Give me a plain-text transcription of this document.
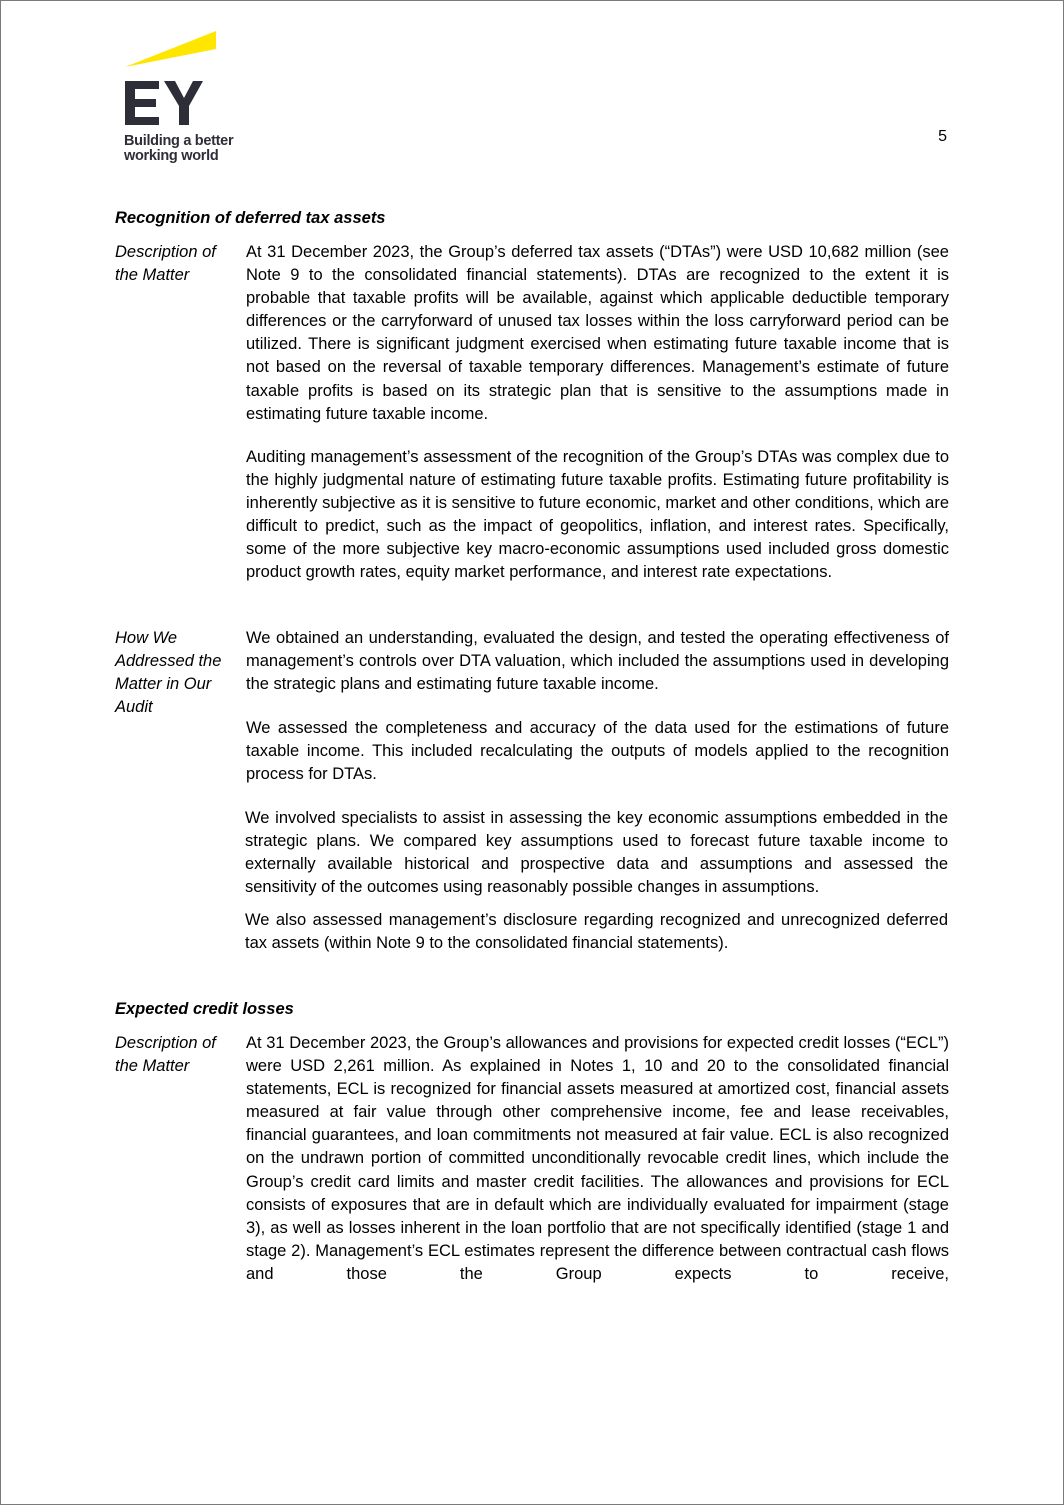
Building a better
working world
5
Recognition of deferred tax assets
Description of the Matter

At 31 December 2023, the Group’s deferred tax assets (“DTAs”) were USD 10,682 million (see Note 9 to the consolidated financial statements). DTAs are recognized to the extent it is probable that taxable profits will be available, against which applicable deductible temporary differences or the carryforward of unused tax losses within the loss carryforward period can be utilized. There is significant judgment exercised when estimating future taxable income that is not based on the reversal of taxable temporary differences. Management’s estimate of future taxable profits is based on its strategic plan that is sensitive to the assumptions made in estimating future taxable income.

Auditing management’s assessment of the recognition of the Group’s DTAs was complex due to the highly judgmental nature of estimating future taxable profits. Estimating future profitability is inherently subjective as it is sensitive to future economic, market and other conditions, which are difficult to predict, such as the impact of geopolitics, inflation, and interest rates. Specifically, some of the more subjective key macro-economic assumptions used included gross domestic product growth rates, equity market performance, and interest rate expectations.

How We Addressed the Matter in Our Audit

We obtained an understanding, evaluated the design, and tested the operating effectiveness of management’s controls over DTA valuation, which included the assumptions used in developing the strategic plans and estimating future taxable income.

We assessed the completeness and accuracy of the data used for the estimations of future taxable income. This included recalculating the outputs of models applied to the recognition process for DTAs.

We involved specialists to assist in assessing the key economic assumptions embedded in the strategic plans. We compared key assumptions used to forecast future taxable income to externally available historical and prospective data and assumptions and assessed the sensitivity of the outcomes using reasonably possible changes in assumptions.

We also assessed management’s disclosure regarding recognized and unrecognized deferred tax assets (within Note 9 to the consolidated financial statements).

Expected credit losses
Description of the Matter

At 31 December 2023, the Group’s allowances and provisions for expected credit losses (“ECL”) were USD 2,261 million. As explained in Notes 1, 10 and 20 to the consolidated financial statements, ECL is recognized for financial assets measured at amortized cost, financial assets measured at fair value through other comprehensive income, fee and lease receivables, financial guarantees, and loan commitments not measured at fair value. ECL is also recognized on the undrawn portion of committed unconditionally revocable credit lines, which include the Group’s credit card limits and master credit facilities. The allowances and provisions for ECL consists of exposures that are in default which are individually evaluated for impairment (stage 3), as well as losses inherent in the loan portfolio that are not specifically identified (stage 1 and stage 2). Management’s ECL estimates represent the difference between contractual cash flows and those the Group expects to receive,
